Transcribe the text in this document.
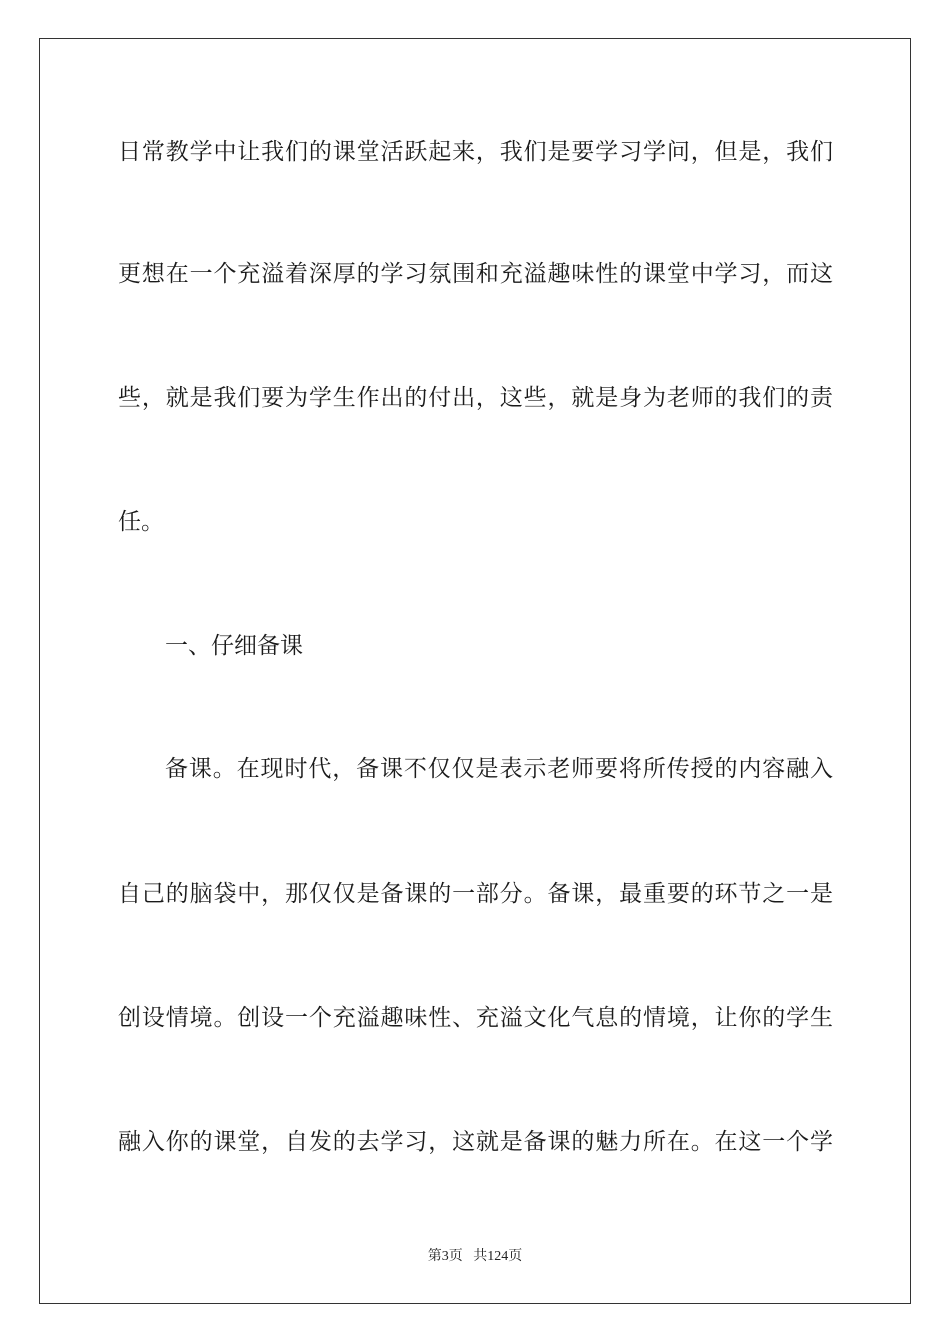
日常教学中让我们的课堂活跃起来，我们是要学习学问，但是，我们
更想在一个充溢着深厚的学习氛围和充溢趣味性的课堂中学习，而这
些，就是我们要为学生作出的付出，这些，就是身为老师的我们的责
任。
一、仔细备课
备课。在现时代，备课不仅仅是表示老师要将所传授的内容融入
自己的脑袋中，那仅仅是备课的一部分。备课，最重要的环节之一是
创设情境。创设一个充溢趣味性、充溢文化气息的情境，让你的学生
融入你的课堂，自发的去学习，这就是备课的魅力所在。在这一个学
第3页 共124页
